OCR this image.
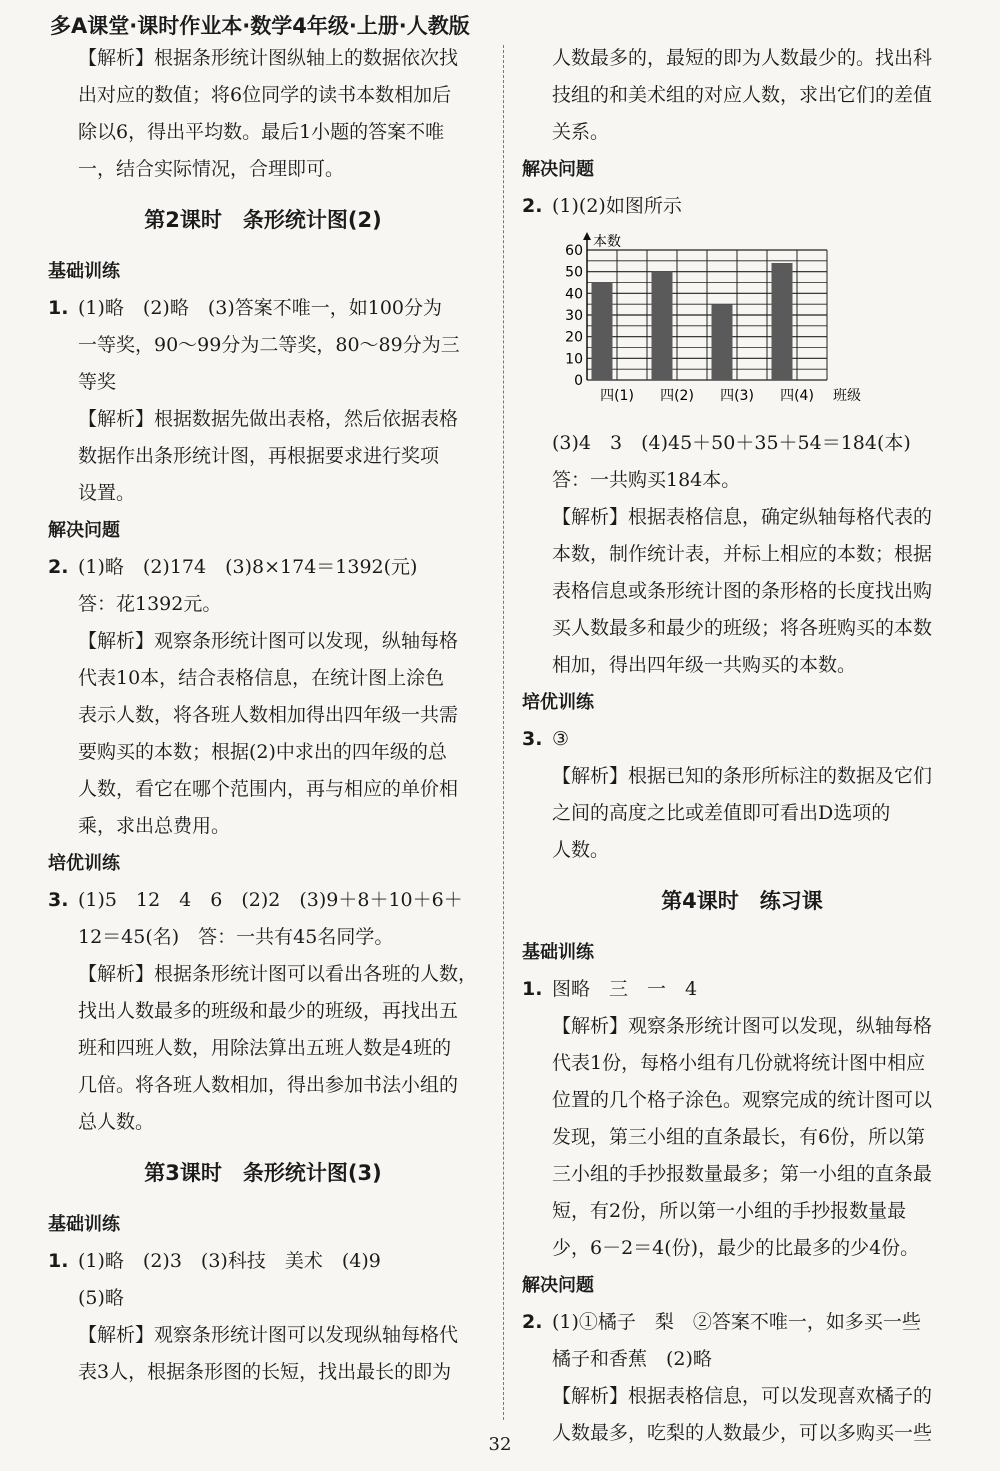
多A课堂·课时作业本·数学4年级·上册·人教版

【解析】根据条形统计图纵轴上的数据依次找

出对应的数值；将6位同学的读书本数相加后

除以6，得出平均数。最后1小题的答案不唯

一，结合实际情况，合理即可。

第2课时　条形统计图(2)
基础训练

1. (1)略　(2)略　(3)答案不唯一，如100分为

一等奖，90～99分为二等奖，80～89分为三

等奖

【解析】根据数据先做出表格，然后依据表格

数据作出条形统计图，再根据要求进行奖项

设置。

解决问题

2. (1)略　(2)174　(3)8×174＝1392(元)

答：花1392元。

【解析】观察条形统计图可以发现，纵轴每格

代表10本，结合表格信息，在统计图上涂色

表示人数，将各班人数相加得出四年级一共需

要购买的本数；根据(2)中求出的四年级的总

人数，看它在哪个范围内，再与相应的单价相

乘，求出总费用。

培优训练

3. (1)5　12　4　6　(2)2　(3)9＋8＋10＋6＋

12＝45(名)　答：一共有45名同学。

【解析】根据条形统计图可以看出各班的人数，

找出人数最多的班级和最少的班级，再找出五

班和四班人数，用除法算出五班人数是4班的

几倍。将各班人数相加，得出参加书法小组的

总人数。

第3课时　条形统计图(3)
基础训练

1. (1)略　(2)3　(3)科技　美术　(4)9

(5)略

【解析】观察条形统计图可以发现纵轴每格代

表3人，根据条形图的长短，找出最长的即为

人数最多的，最短的即为人数最少的。找出科

技组的和美术组的对应人数，求出它们的差值

关系。

解决问题

2. (1)(2)如图所示

本数
0
10
20
30
40
50
60
四(1) 四(2) 四(3) 四(4) 班级

(3)4　3　(4)45＋50＋35＋54＝184(本)

答：一共购买184本。

【解析】根据表格信息，确定纵轴每格代表的

本数，制作统计表，并标上相应的本数；根据

表格信息或条形统计图的条形格的长度找出购

买人数最多和最少的班级；将各班购买的本数

相加，得出四年级一共购买的本数。

培优训练

3. ③

【解析】根据已知的条形所标注的数据及它们

之间的高度之比或差值即可看出D选项的

人数。

第4课时　练习课
基础训练

1. 图略　三　一　4

【解析】观察条形统计图可以发现，纵轴每格

代表1份，每格小组有几份就将统计图中相应

位置的几个格子涂色。观察完成的统计图可以

发现，第三小组的直条最长，有6份，所以第

三小组的手抄报数量最多；第一小组的直条最

短，有2份，所以第一小组的手抄报数量最

少，6－2＝4(份)，最少的比最多的少4份。

解决问题

2. (1)①橘子　梨　②答案不唯一，如多买一些

橘子和香蕉　(2)略

【解析】根据表格信息，可以发现喜欢橘子的

人数最多，吃梨的人数最少，可以多购买一些

32
